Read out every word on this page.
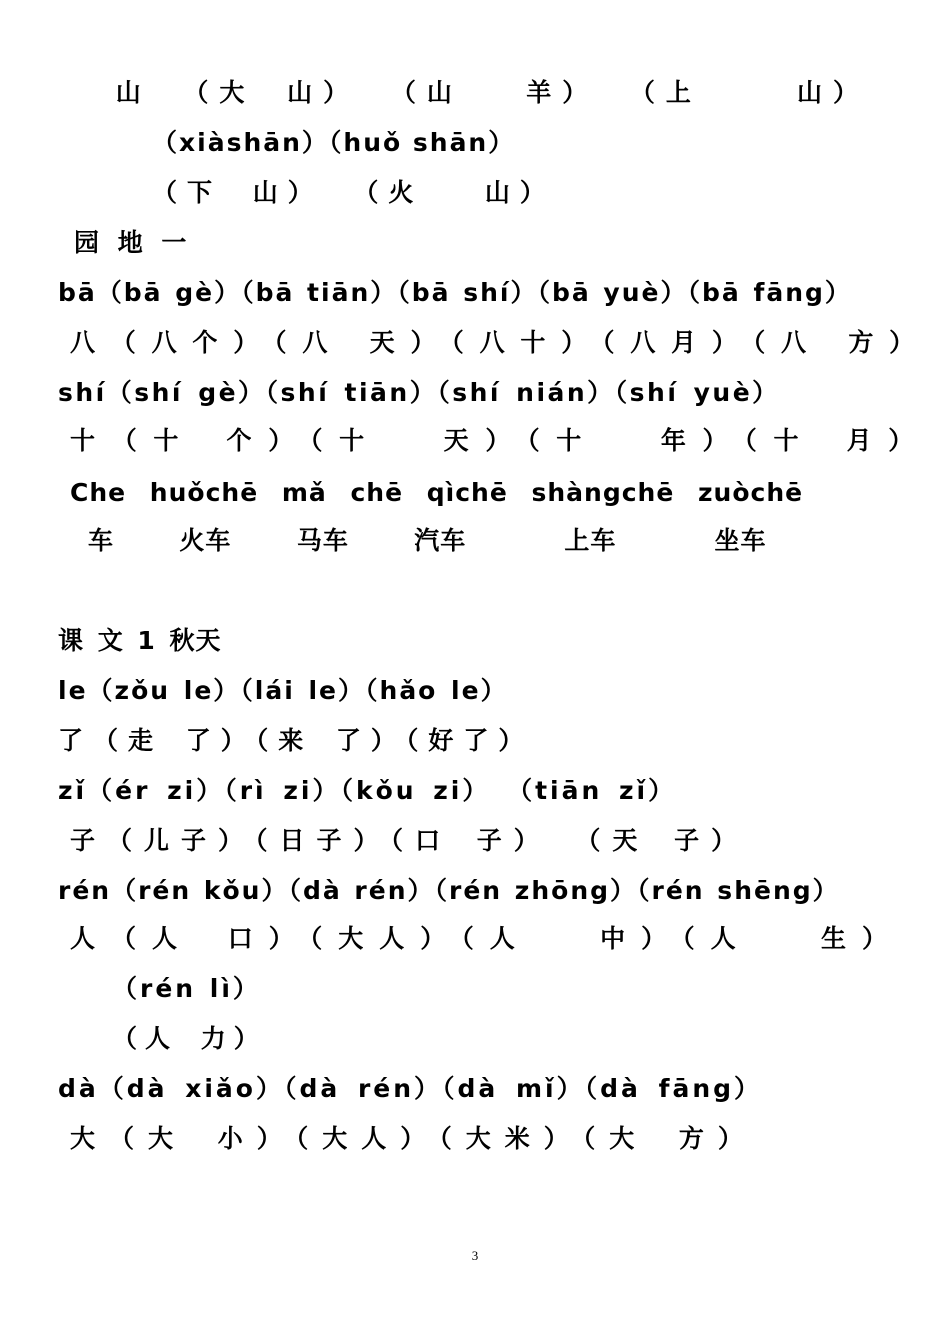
山 （大 山） （山  羊） （上   山）
（xiàshān）（huǒ shān）
（下 山） （火  山）
园 地 一
bā（bā gè）（bā tiān）（bā shí）（bā yuè）（bā fāng）
八（八个）（八 天）（八十）（八月）（八 方）
shí（shí gè）（shí tiān）（shí nián）（shí yuè）
十（十 个）（十  天）（十  年）（十 月）
Che huǒchē mǎ chē qìchē shàngchē zuòchē
车  火车  马车  汽车   上车   坐车
课 文 1 秋天
le（zǒu le）（lái le）（hǎo le）
了（走 了）（来 了）（好了）
zǐ（ér zi）（rì zi）（kǒu zi） （tiān zǐ）
子（儿子）（日子）（口 子） （天 子）
rén（rén kǒu）（dà rén）（rén zhōng）（rén shēng）
人（人 口）（大人）（人  中）（人  生）
（rén lì）
（人 力）
dà（dà xiǎo）（dà rén）（dà mǐ）（dà fāng）
大（大 小）（大人）（大米）（大 方）
3
